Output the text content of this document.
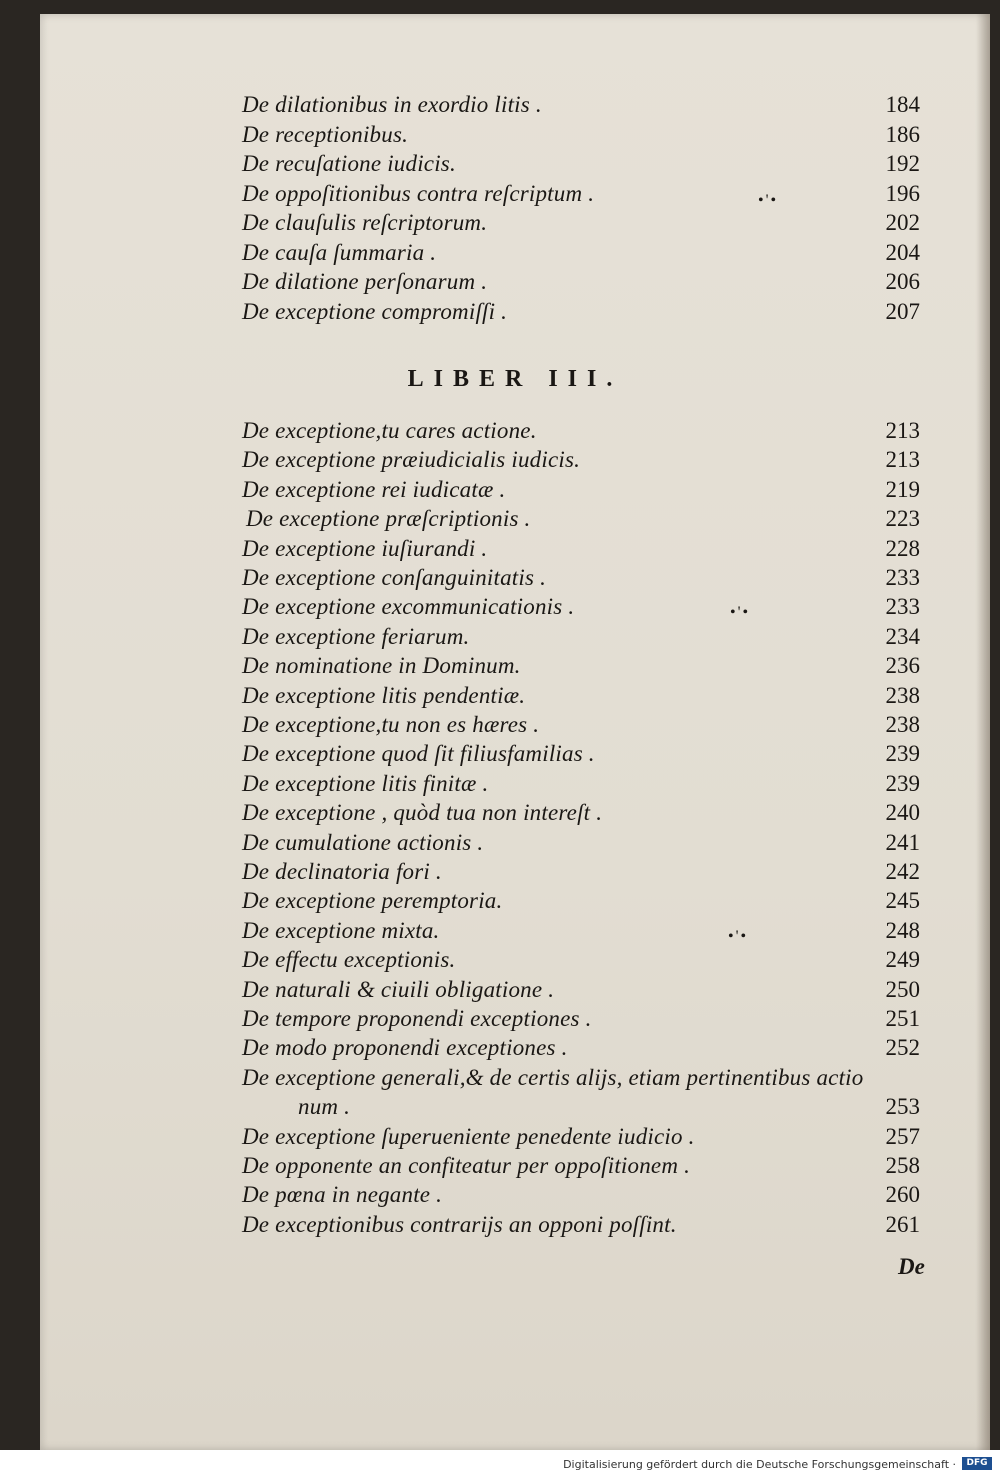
LIBER III.
•'•
•'•
•'•
De
De dilationibus in exordio litis .	184
De receptionibus.	186
De recuſatione iudicis.	192
De oppoſitionibus contra reſcriptum .	196
De clauſulis reſcriptorum.	202
De cauſa ſummaria .	204
De dilatione perſonarum .	206
De exceptione compromiſſi .	207
De exceptione,tu cares actione.	213
De exceptione præiudicialis iudicis.	213
De exceptione rei iudicatæ .	219
De exceptione præſcriptionis .	223
De exceptione iuſiurandi .	228
De exceptione conſanguinitatis .	233
De exceptione excommunicationis .	233
De exceptione feriarum.	234
De nominatione in Dominum.	236
De exceptione litis pendentiæ.	238
De exceptione,tu non es hæres .	238
De exceptione quod ſit filiusfamilias .	239
De exceptione litis finitæ .	239
De exceptione , quòd tua non intereſt .	240
De cumulatione actionis .	241
De declinatoria fori .	242
De exceptione peremptoria.	245
De exceptione mixta.	248
De effectu exceptionis.	249
De naturali & ciuili obligatione .	250
De tempore proponendi exceptiones .	251
De modo proponendi exceptiones .	252
De exceptione generali,& de certis alijs, etiam pertinentibus actio
num .	253
De exceptione ſuperueniente penedente iudicio .	257
De opponente an confiteatur per oppoſitionem .	258
De pœna in negante .	260
De exceptionibus contrarijs an opponi poſſint.	261
Digitalisierung gefördert durch die Deutsche Forschungsgemeinschaft ·	DFG
